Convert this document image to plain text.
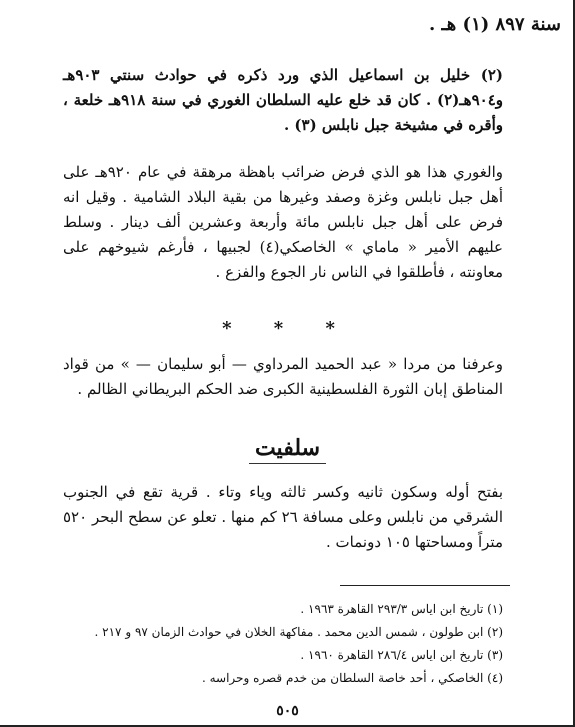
سنة ٨٩٧ (١) هـ .
(٢) خليل بن اسماعيل الذي ورد ذكره في حوادث سنتي ٩٠٣هـ و٩٠٤هـ(٢) . كان قد خلع عليه السلطان الغوري في سنة ٩١٨هـ خلعة ، وأقره في مشيخة جبل نابلس (٣) .
والغوري هذا هو الذي فرض ضرائب باهظة مرهقة في عام ٩٢٠هـ على أهل جبل نابلس وغزة وصفد وغيرها من بقية البلاد الشامية . وقيل انه فرض على أهل جبل نابلس مائة وأربعة وعشرين ألف دينار . وسلط عليهم الأمير « ماماي » الخاصكي(٤) لجبيها ، فأرغم شيوخهم على معاونته ، فأطلقوا في الناس نار الجوع والفزع .
* * *
وعرفنا من مردا « عبد الحميد المرداوي — أبو سليمان — » من قواد المناطق إبان الثورة الفلسطينية الكبرى ضد الحكم البريطاني الظالم .
سلفيت
بفتح أوله وسكون ثانيه وكسر ثالثه وياء وتاء . قرية تقع في الجنوب الشرقي من نابلس وعلى مسافة ٢٦ كم منها . تعلو عن سطح البحر ٥٢٠ متراً ومساحتها ١٠٥ دونمات .
(١) تاريخ ابن اياس ٢٩٣/٣ القاهرة ١٩٦٣ .
(٢) ابن طولون ، شمس الدين محمد . مفاكهة الخلان في حوادث الزمان ٩٧ و ٢١٧ .
(٣) تاريخ ابن اياس ٢٨٦/٤ القاهرة ١٩٦٠ .
(٤) الخاصكي ، أحد خاصة السلطان من خدم قصره وحراسه .
٥٠٥
